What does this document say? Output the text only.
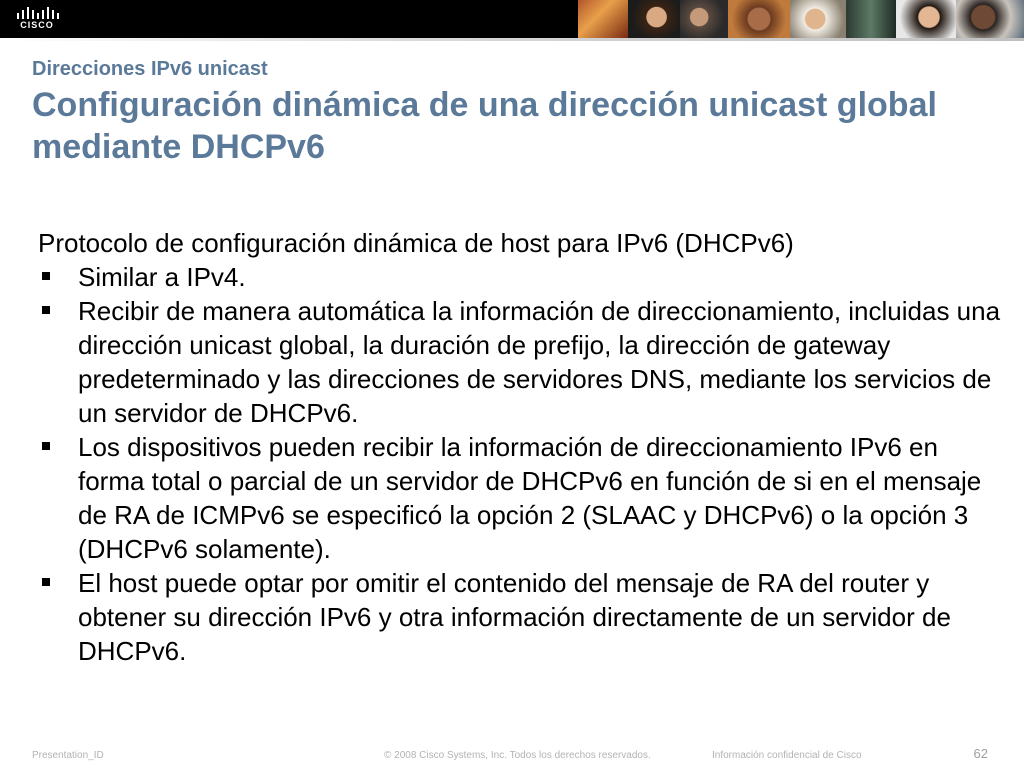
CISCO
Direcciones IPv6 unicast
Configuración dinámica de una dirección unicast global mediante DHCPv6

Protocolo de configuración dinámica de host para IPv6 (DHCPv6)

Similar a IPv4.
Recibir de manera automática la información de direccionamiento, incluidas una dirección unicast global, la duración de prefijo, la dirección de gateway predeterminado y las direcciones de servidores DNS, mediante los servicios de un servidor de DHCPv6.
Los dispositivos pueden recibir la información de direccionamiento IPv6 en forma total o parcial de un servidor de DHCPv6 en función de si en el mensaje de RA de ICMPv6 se especificó la opción 2 (SLAAC y DHCPv6) o la opción 3 (DHCPv6 solamente).
El host puede optar por omitir el contenido del mensaje de RA del router y obtener su dirección IPv6 y otra información directamente de un servidor de DHCPv6.
Presentation_ID	© 2008 Cisco Systems, Inc. Todos los derechos reservados.	Información confidencial de Cisco	62
